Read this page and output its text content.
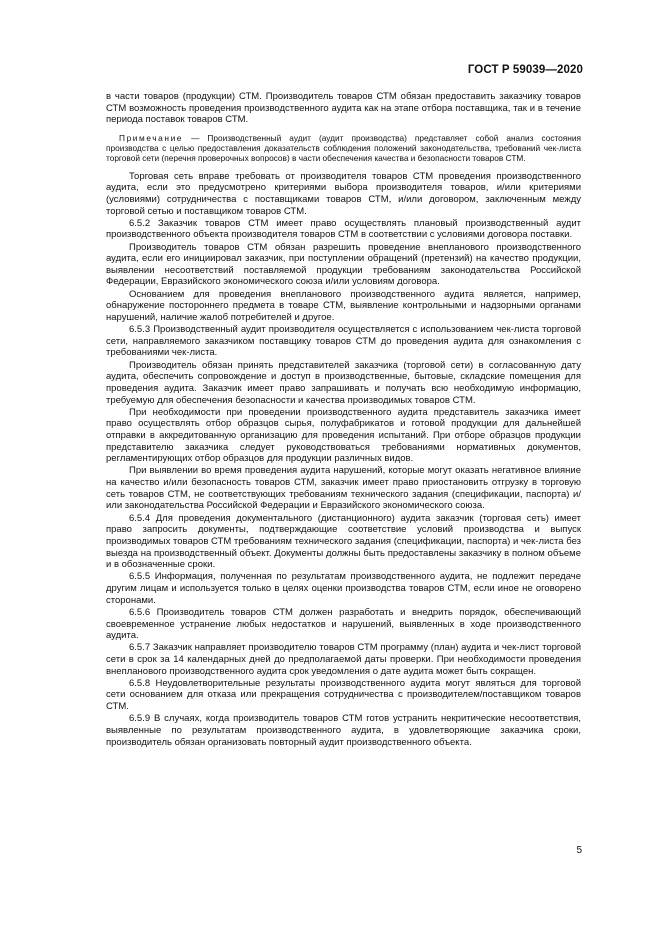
ГОСТ Р 59039—2020

в части товаров (продукции) СТМ. Производитель товаров СТМ обязан предоставить заказчику товаров СТМ возможность проведения производственного аудита как на этапе отбора поставщика, так и в течение периода поставок товаров СТМ.

Примечание — Производственный аудит (аудит производства) представляет собой анализ состояния производства с целью предоставления доказательств соблюдения положений законодательства, требований чек-листа торговой сети (перечня проверочных вопросов) в части обеспечения качества и безопасности товаров СТМ.

Торговая сеть вправе требовать от производителя товаров СТМ проведения производственного аудита, если это предусмотрено критериями выбора производителя товаров, и/или критериями (условиями) сотрудничества с поставщиками товаров СТМ, и/или договором, заключенным между торговой сетью и поставщиком товаров СТМ.

6.5.2 Заказчик товаров СТМ имеет право осуществлять плановый производственный аудит производственного объекта производителя товаров СТМ в соответствии с условиями договора поставки.

Производитель товаров СТМ обязан разрешить проведение внепланового производственного аудита, если его инициировал заказчик, при поступлении обращений (претензий) на качество продукции, выявлении несоответствий поставляемой продукции требованиям законодательства Российской Федерации, Евразийского экономического союза и/или условиям договора.

Основанием для проведения внепланового производственного аудита является, например, обнаружение постороннего предмета в товаре СТМ, выявление контрольными и надзорными органами нарушений, наличие жалоб потребителей и другое.

6.5.3 Производственный аудит производителя осуществляется с использованием чек-листа торговой сети, направляемого заказчиком поставщику товаров СТМ до проведения аудита для ознакомления с требованиями чек-листа.

Производитель обязан принять представителей заказчика (торговой сети) в согласованную дату аудита, обеспечить сопровождение и доступ в производственные, бытовые, складские помещения для проведения аудита. Заказчик имеет право запрашивать и получать всю необходимую информацию, требуемую для обеспечения безопасности и качества производимых товаров СТМ.

При необходимости при проведении производственного аудита представитель заказчика имеет право осуществлять отбор образцов сырья, полуфабрикатов и готовой продукции для дальнейшей отправки в аккредитованную организацию для проведения испытаний. При отборе образцов продукции представителю заказчика следует руководствоваться требованиями нормативных документов, регламентирующих отбор образцов для продукции различных видов.

При выявлении во время проведения аудита нарушений, которые могут оказать негативное влияние на качество и/или безопасность товаров СТМ, заказчик имеет право приостановить отгрузку в торговую сеть товаров СТМ, не соответствующих требованиям технического задания (спецификации, паспорта) и/или законодательства Российской Федерации и Евразийского экономического союза.

6.5.4 Для проведения документального (дистанционного) аудита заказчик (торговая сеть) имеет право запросить документы, подтверждающие соответствие условий производства и выпуск производимых товаров СТМ требованиям технического задания (спецификации, паспорта) и чек-листа без выезда на производственный объект. Документы должны быть предоставлены заказчику в полном объеме и в обозначенные сроки.

6.5.5 Информация, полученная по результатам производственного аудита, не подлежит передаче другим лицам и используется только в целях оценки производства товаров СТМ, если иное не оговорено сторонами.

6.5.6 Производитель товаров СТМ должен разработать и внедрить порядок, обеспечивающий своевременное устранение любых недостатков и нарушений, выявленных в ходе производственного аудита.

6.5.7 Заказчик направляет производителю товаров СТМ программу (план) аудита и чек-лист торговой сети в срок за 14 календарных дней до предполагаемой даты проверки. При необходимости проведения внепланового производственного аудита срок уведомления о дате аудита может быть сокращен.

6.5.8 Неудовлетворительные результаты производственного аудита могут являться для торговой сети основанием для отказа или прекращения сотрудничества с производителем/поставщиком товаров СТМ.

6.5.9 В случаях, когда производитель товаров СТМ готов устранить некритические несоответствия, выявленные по результатам производственного аудита, в удовлетворяющие заказчика сроки, производитель обязан организовать повторный аудит производственного объекта.

5
